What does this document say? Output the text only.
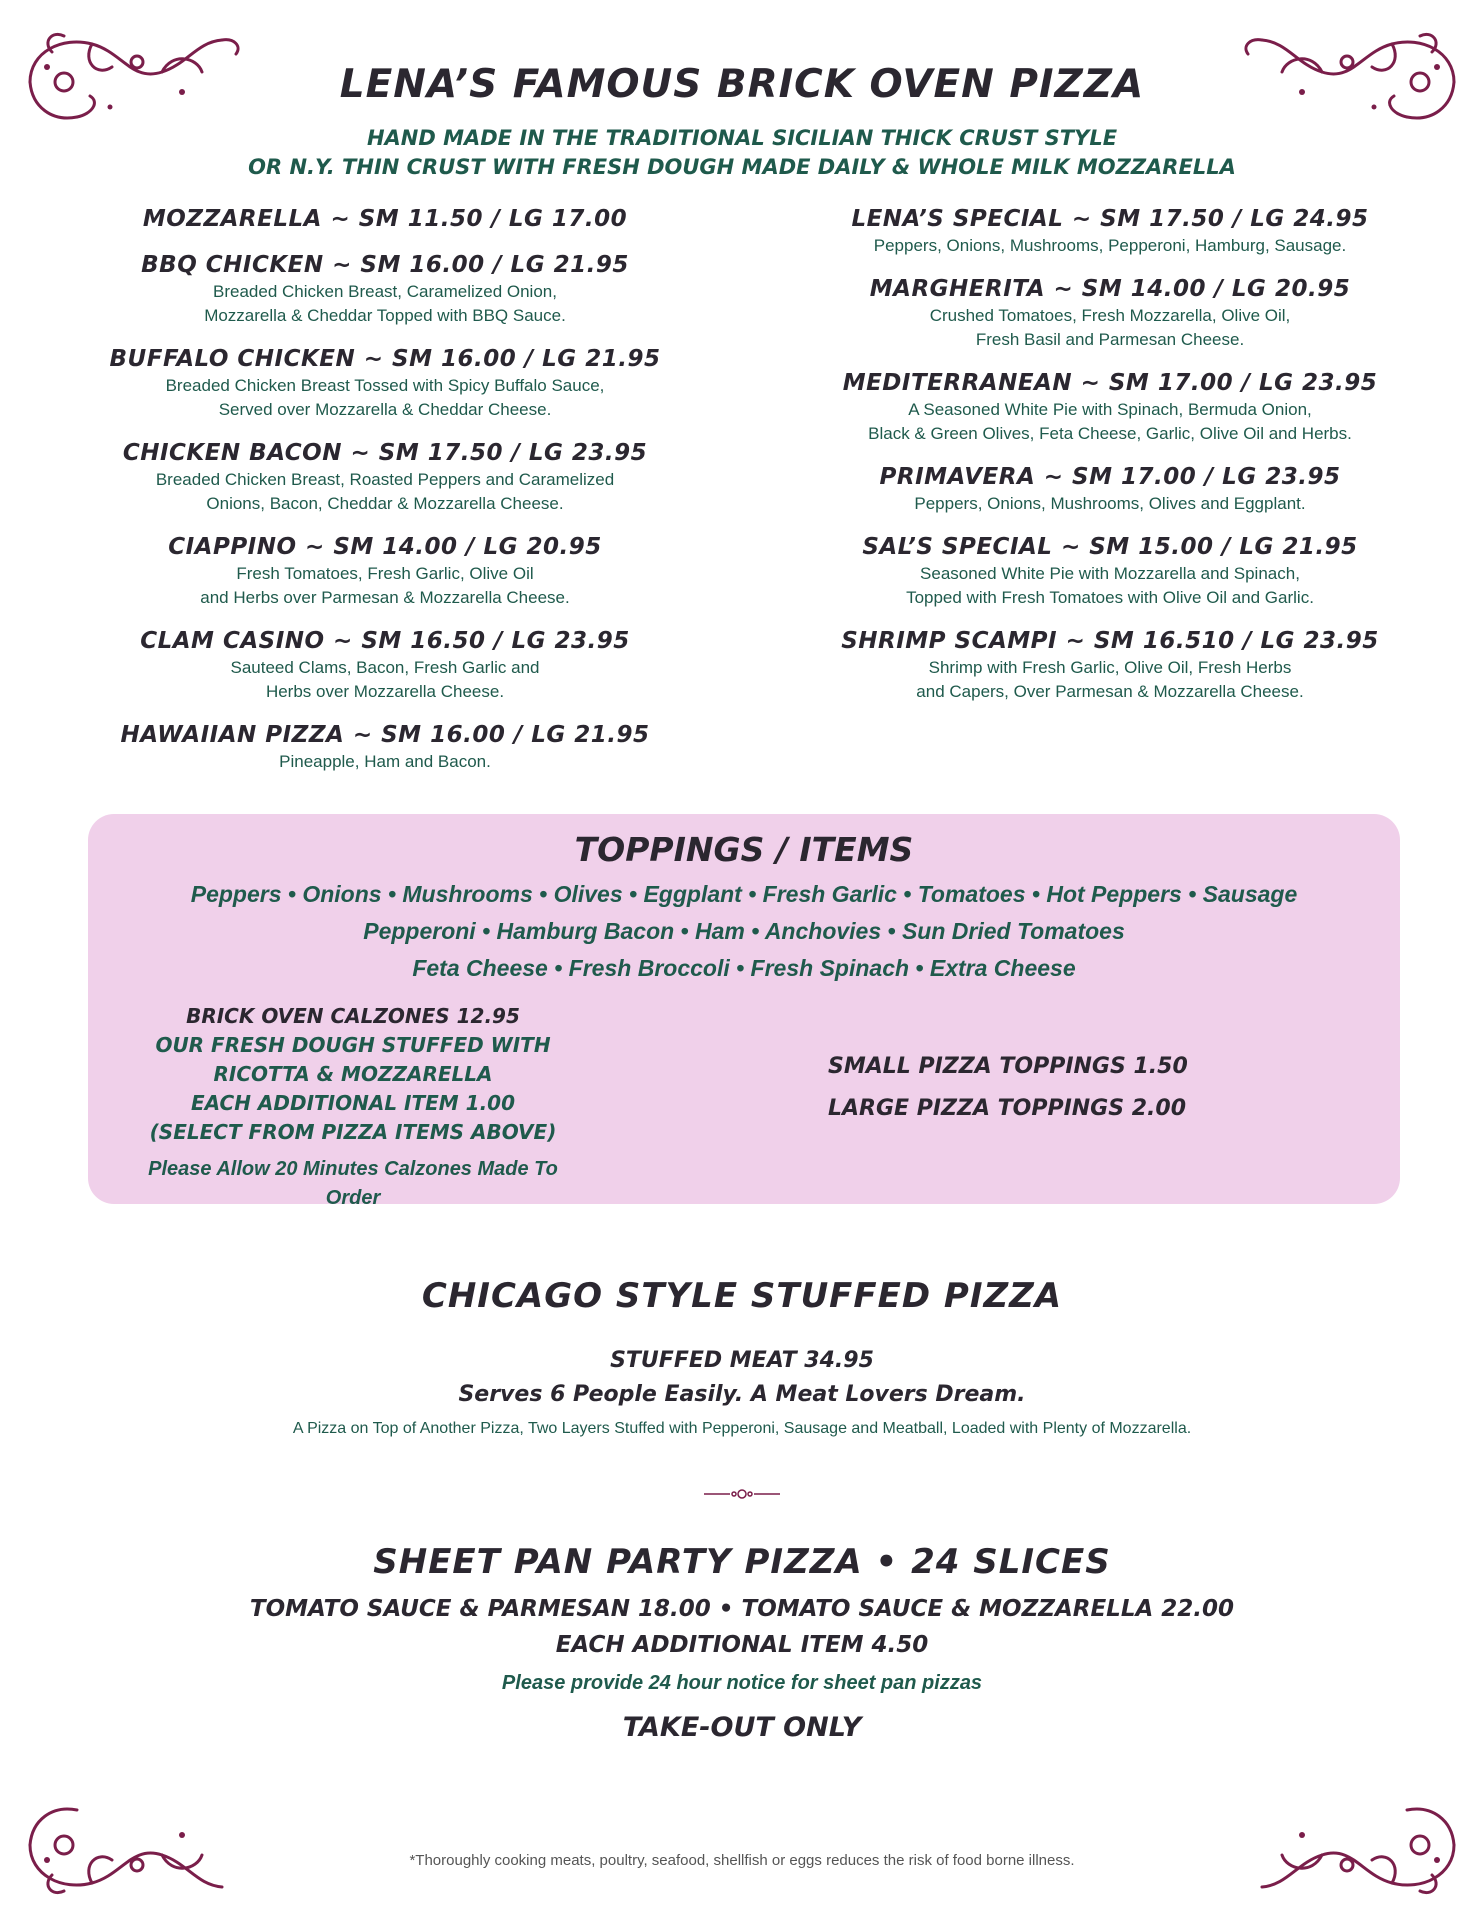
LENA’S FAMOUS BRICK OVEN PIZZA
HAND MADE IN THE TRADITIONAL SICILIAN THICK CRUST STYLE
OR N.Y. THIN CRUST WITH FRESH DOUGH MADE DAILY & WHOLE MILK MOZZARELLA
MOZZARELLA ~ SM 11.50 / LG 17.00
BBQ CHICKEN ~ SM 16.00 / LG 21.95
Breaded Chicken Breast, Caramelized Onion,
Mozzarella & Cheddar Topped with BBQ Sauce.
BUFFALO CHICKEN ~ SM 16.00 / LG 21.95
Breaded Chicken Breast Tossed with Spicy Buffalo Sauce,
Served over Mozzarella & Cheddar Cheese.
CHICKEN BACON ~ SM 17.50 / LG 23.95
Breaded Chicken Breast, Roasted Peppers and Caramelized
Onions, Bacon, Cheddar & Mozzarella Cheese.
CIAPPINO ~ SM 14.00 / LG 20.95
Fresh Tomatoes, Fresh Garlic, Olive Oil
and Herbs over Parmesan & Mozzarella Cheese.
CLAM CASINO ~ SM 16.50 / LG 23.95
Sauteed Clams, Bacon, Fresh Garlic and
Herbs over Mozzarella Cheese.
HAWAIIAN PIZZA ~ SM 16.00 / LG 21.95
Pineapple, Ham and Bacon.
LENA’S SPECIAL ~ SM 17.50 / LG 24.95
Peppers, Onions, Mushrooms, Pepperoni, Hamburg, Sausage.
MARGHERITA ~ SM 14.00 / LG 20.95
Crushed Tomatoes, Fresh Mozzarella, Olive Oil,
Fresh Basil and Parmesan Cheese.
MEDITERRANEAN ~ SM 17.00 / LG 23.95
A Seasoned White Pie with Spinach, Bermuda Onion,
Black & Green Olives, Feta Cheese, Garlic, Olive Oil and Herbs.
PRIMAVERA ~ SM 17.00 / LG 23.95
Peppers, Onions, Mushrooms, Olives and Eggplant.
SAL’S SPECIAL ~ SM 15.00 / LG 21.95
Seasoned White Pie with Mozzarella and Spinach,
Topped with Fresh Tomatoes with Olive Oil and Garlic.
SHRIMP SCAMPI ~ SM 16.510 / LG 23.95
Shrimp with Fresh Garlic, Olive Oil, Fresh Herbs
and Capers, Over Parmesan & Mozzarella Cheese.
TOPPINGS / ITEMS
Peppers • Onions • Mushrooms • Olives • Eggplant • Fresh Garlic • Tomatoes • Hot Peppers • Sausage
Pepperoni • Hamburg Bacon • Ham • Anchovies • Sun Dried Tomatoes
Feta Cheese • Fresh Broccoli • Fresh Spinach • Extra Cheese
BRICK OVEN CALZONES 12.95
OUR FRESH DOUGH STUFFED WITH
RICOTTA & MOZZARELLA
EACH ADDITIONAL ITEM 1.00
(SELECT FROM PIZZA ITEMS ABOVE)
Please Allow 20 Minutes Calzones Made To Order
SMALL PIZZA TOPPINGS 1.50
LARGE PIZZA TOPPINGS 2.00
CHICAGO STYLE STUFFED PIZZA
STUFFED MEAT 34.95
Serves 6 People Easily. A Meat Lovers Dream.
A Pizza on Top of Another Pizza, Two Layers Stuffed with Pepperoni, Sausage and Meatball, Loaded with Plenty of Mozzarella.
SHEET PAN PARTY PIZZA • 24 SLICES
TOMATO SAUCE & PARMESAN 18.00 • TOMATO SAUCE & MOZZARELLA 22.00
EACH ADDITIONAL ITEM 4.50
Please provide 24 hour notice for sheet pan pizzas
TAKE-OUT ONLY
*Thoroughly cooking meats, poultry, seafood, shellfish or eggs reduces the risk of food borne illness.
